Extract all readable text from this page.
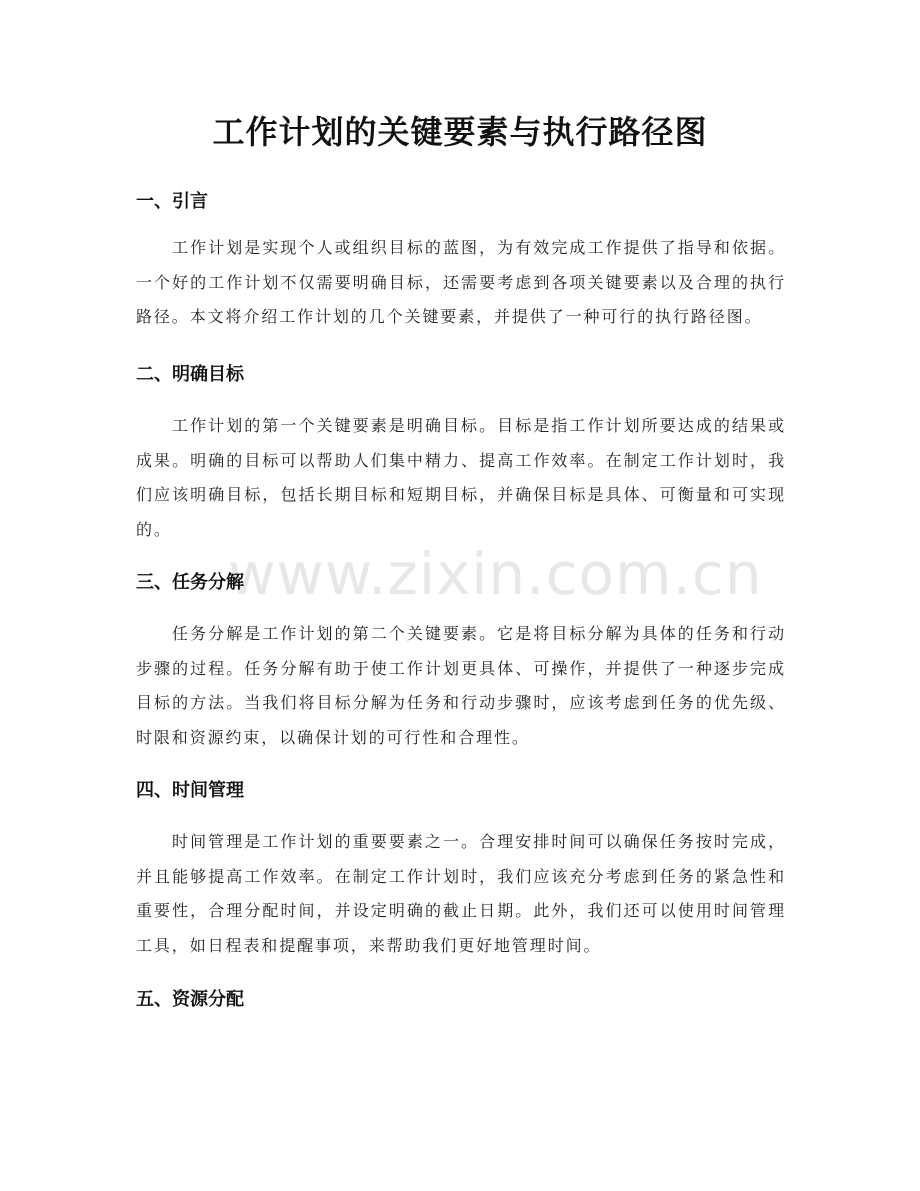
www.zixin.com.cn
工作计划的关键要素与执行路径图
一、引言

工作计划是实现个人或组织目标的蓝图，为有效完成工作提供了指导和依据。一个好的工作计划不仅需要明确目标，还需要考虑到各项关键要素以及合理的执行路径。本文将介绍工作计划的几个关键要素，并提供了一种可行的执行路径图。

二、明确目标

工作计划的第一个关键要素是明确目标。目标是指工作计划所要达成的结果或成果。明确的目标可以帮助人们集中精力、提高工作效率。在制定工作计划时，我们应该明确目标，包括长期目标和短期目标，并确保目标是具体、可衡量和可实现的。

三、任务分解

任务分解是工作计划的第二个关键要素。它是将目标分解为具体的任务和行动步骤的过程。任务分解有助于使工作计划更具体、可操作，并提供了一种逐步完成目标的方法。当我们将目标分解为任务和行动步骤时，应该考虑到任务的优先级、时限和资源约束，以确保计划的可行性和合理性。

四、时间管理

时间管理是工作计划的重要要素之一。合理安排时间可以确保任务按时完成，并且能够提高工作效率。在制定工作计划时，我们应该充分考虑到任务的紧急性和重要性，合理分配时间，并设定明确的截止日期。此外，我们还可以使用时间管理工具，如日程表和提醒事项，来帮助我们更好地管理时间。

五、资源分配
